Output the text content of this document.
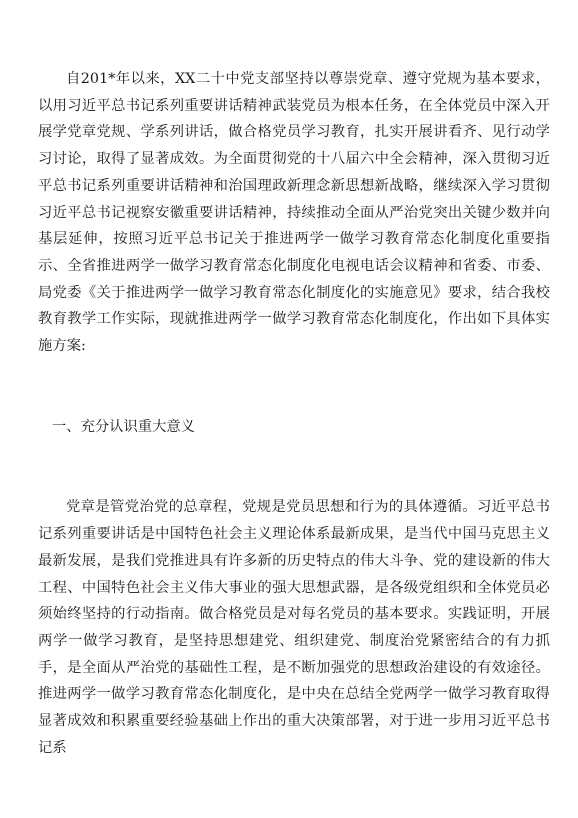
自201*年以来，XX二十中党支部坚持以尊崇党章、遵守党规为基本要求，以用习近平总书记系列重要讲话精神武装党员为根本任务，在全体党员中深入开展学党章党规、学系列讲话，做合格党员学习教育，扎实开展讲看齐、见行动学习讨论，取得了显著成效。为全面贯彻党的十八届六中全会精神，深入贯彻习近平总书记系列重要讲话精神和治国理政新理念新思想新战略，继续深入学习贯彻习近平总书记视察安徽重要讲话精神，持续推动全面从严治党突出关键少数并向基层延伸，按照习近平总书记关于推进两学一做学习教育常态化制度化重要指示、全省推进两学一做学习教育常态化制度化电视电话会议精神和省委、市委、局党委《关于推进两学一做学习教育常态化制度化的实施意见》要求，结合我校教育教学工作实际，现就推进两学一做学习教育常态化制度化，作出如下具体实施方案:

一、充分认识重大意义

党章是管党治党的总章程，党规是党员思想和行为的具体遵循。习近平总书记系列重要讲话是中国特色社会主义理论体系最新成果，是当代中国马克思主义最新发展，是我们党推进具有许多新的历史特点的伟大斗争、党的建设新的伟大工程、中国特色社会主义伟大事业的强大思想武器，是各级党组织和全体党员必须始终坚持的行动指南。做合格党员是对每名党员的基本要求。实践证明，开展两学一做学习教育，是坚持思想建党、组织建党、制度治党紧密结合的有力抓手，是全面从严治党的基础性工程，是不断加强党的思想政治建设的有效途径。推进两学一做学习教育常态化制度化，是中央在总结全党两学一做学习教育取得显著成效和积累重要经验基础上作出的重大决策部署，对于进一步用习近平总书记系
